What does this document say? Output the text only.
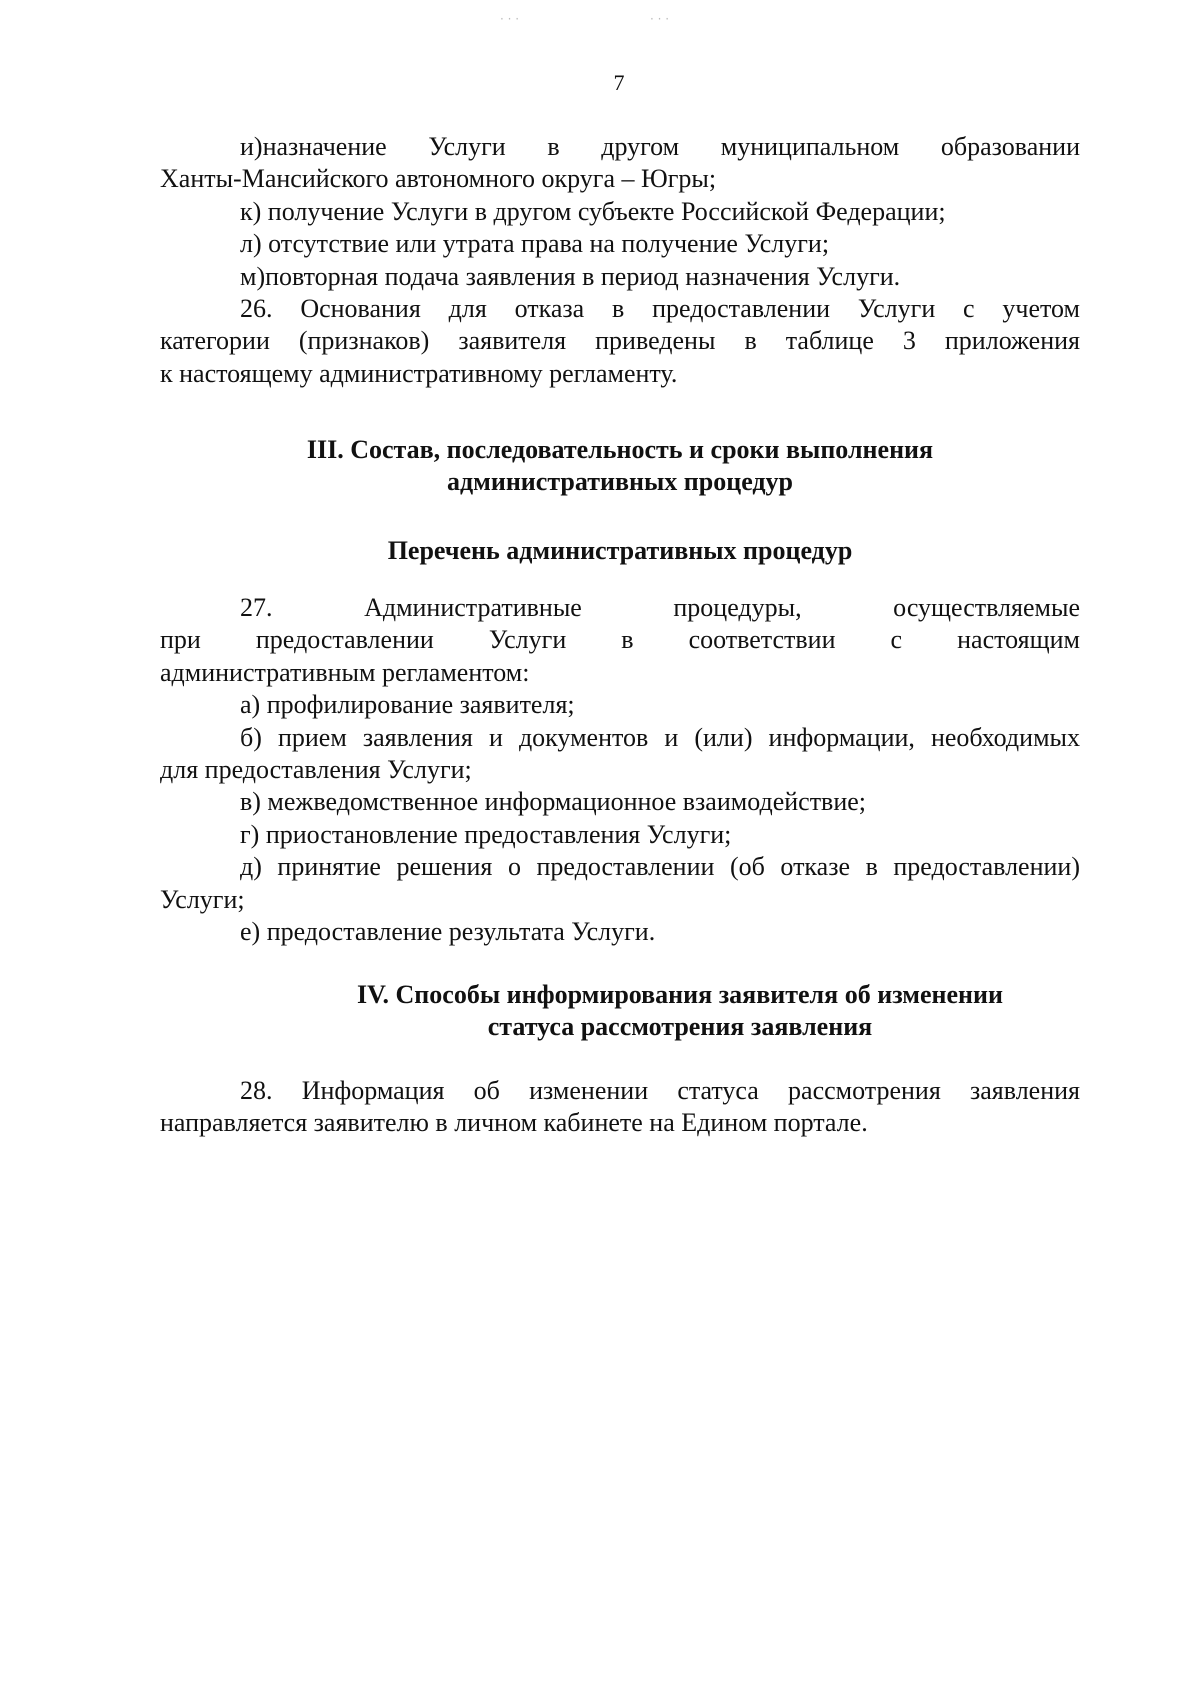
7
и)назначение Услуги в другом муниципальном образовании
Ханты-Мансийского автономного округа – Югры;
к) получение Услуги в другом субъекте Российской Федерации;
л) отсутствие или утрата права на получение Услуги;
м)повторная подача заявления в период назначения Услуги.
26. Основания для отказа в предоставлении Услуги с учетом
категории (признаков) заявителя приведены в таблице 3 приложения
к настоящему административному регламенту.
III. Состав, последовательность и сроки выполнения
административных процедур
Перечень административных процедур
27. Административные процедуры, осуществляемые
при предоставлении Услуги в соответствии с настоящим
административным регламентом:
а) профилирование заявителя;
б) прием заявления и документов и (или) информации, необходимых
для предоставления Услуги;
в) межведомственное информационное взаимодействие;
г) приостановление предоставления Услуги;
д) принятие решения о предоставлении (об отказе в предоставлении)
Услуги;
е) предоставление результата Услуги.
IV. Способы информирования заявителя об изменении
статуса рассмотрения заявления
28. Информация об изменении статуса рассмотрения заявления
направляется заявителю в личном кабинете на Едином портале.
· · ·	· · ·
